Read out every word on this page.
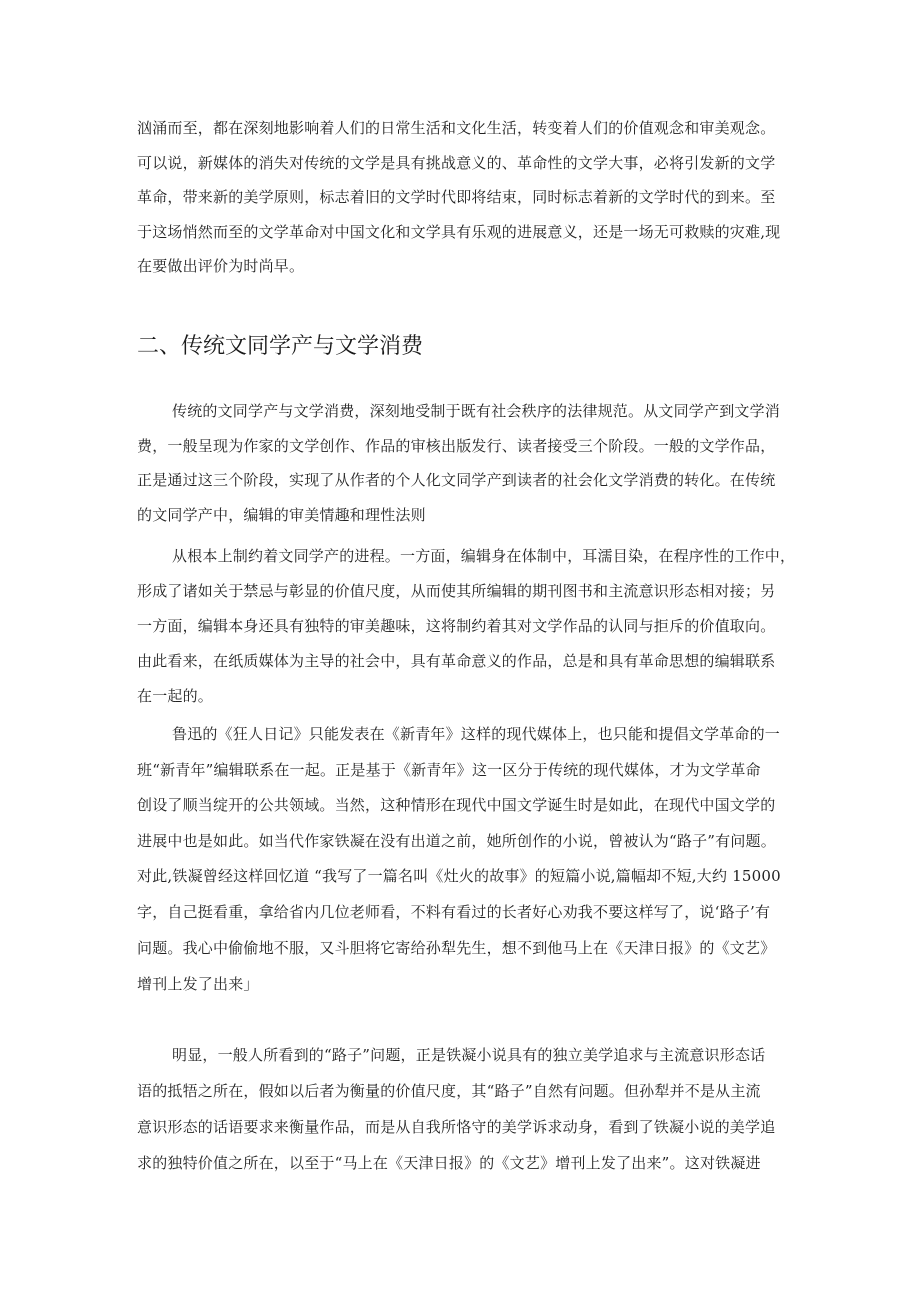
汹涌而至，都在深刻地影响着人们的日常生活和文化生活，转变着人们的价值观念和审美观念。
可以说，新媒体的消失对传统的文学是具有挑战意义的、革命性的文学大事，必将引发新的文学
革命，带来新的美学原则，标志着旧的文学时代即将结束，同时标志着新的文学时代的到来。至
于这场悄然而至的文学革命对中国文化和文学具有乐观的进展意义，还是一场无可救赎的灾难,现
在要做出评价为时尚早。
二、传统文同学产与文学消费
传统的文同学产与文学消费，深刻地受制于既有社会秩序的法律规范。从文同学产到文学消
费，一般呈现为作家的文学创作、作品的审核出版发行、读者接受三个阶段。一般的文学作品，
正是通过这三个阶段，实现了从作者的个人化文同学产到读者的社会化文学消费的转化。在传统
的文同学产中，编辑的审美情趣和理性法则
从根本上制约着文同学产的进程。一方面，编辑身在体制中，耳濡目染，在程序性的工作中，
形成了诸如关于禁忌与彰显的价值尺度，从而使其所编辑的期刊图书和主流意识形态相对接；另
一方面，编辑本身还具有独特的审美趣味，这将制约着其对文学作品的认同与拒斥的价值取向。
由此看来，在纸质媒体为主导的社会中，具有革命意义的作品，总是和具有革命思想的编辑联系
在一起的。
鲁迅的《狂人日记》只能发表在《新青年》这样的现代媒体上，也只能和提倡文学革命的一
班“新青年”编辑联系在一起。正是基于《新青年》这一区分于传统的现代媒体，才为文学革命
创设了顺当绽开的公共领域。当然，这种情形在现代中国文学诞生时是如此，在现代中国文学的
进展中也是如此。如当代作家铁凝在没有出道之前，她所创作的小说，曾被认为“路子”有问题。
对此,铁凝曾经这样回忆道 “我写了一篇名叫《灶火的故事》的短篇小说,篇幅却不短,大约 15000
字，自己挺看重，拿给省内几位老师看，不料有看过的长者好心劝我不要这样写了，说‘路子’有
问题。我心中偷偷地不服，又斗胆将它寄给孙犁先生，想不到他马上在《天津日报》的《文艺》
增刊上发了出来」
明显，一般人所看到的“路子”问题，正是铁凝小说具有的独立美学追求与主流意识形态话
语的抵牾之所在，假如以后者为衡量的价值尺度，其“路子”自然有问题。但孙犁并不是从主流
意识形态的话语要求来衡量作品，而是从自我所恪守的美学诉求动身，看到了铁凝小说的美学追
求的独特价值之所在，以至于“马上在《天津日报》的《文艺》增刊上发了出来”。这对铁凝进
